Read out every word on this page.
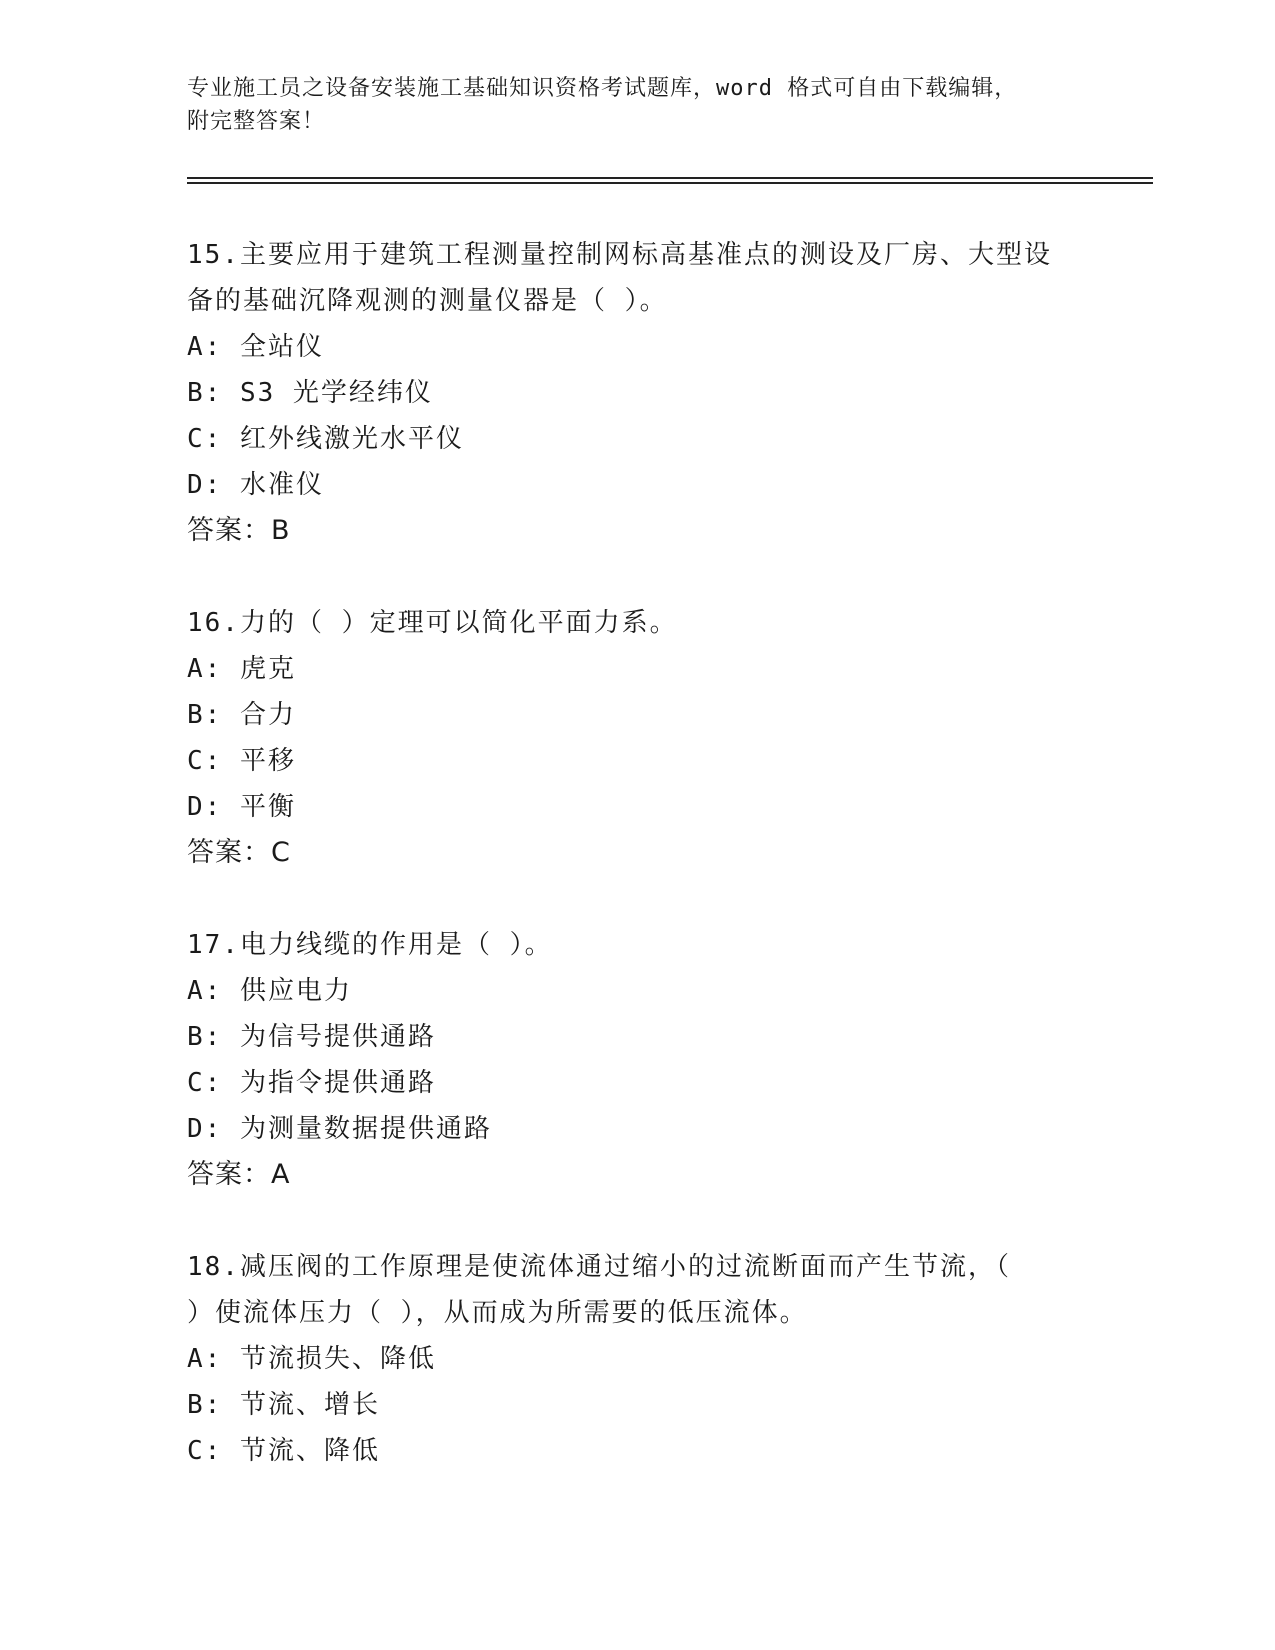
专业施工员之设备安装施工基础知识资格考试题库，word 格式可自由下载编辑，
附完整答案！

15.主要应用于建筑工程测量控制网标高基准点的测设及厂房、大型设

备的基础沉降观测的测量仪器是（ ）。

A: 全站仪

B: S3 光学经纬仪

C: 红外线激光水平仪

D: 水准仪

答案：B

16.力的（ ）定理可以简化平面力系。

A: 虎克

B: 合力

C: 平移

D: 平衡

答案：C

17.电力线缆的作用是（ ）。

A: 供应电力

B: 为信号提供通路

C: 为指令提供通路

D: 为测量数据提供通路

答案：A

18.减压阀的工作原理是使流体通过缩小的过流断面而产生节流，（

）使流体压力（ ），从而成为所需要的低压流体。

A: 节流损失、降低

B: 节流、增长

C: 节流、降低
